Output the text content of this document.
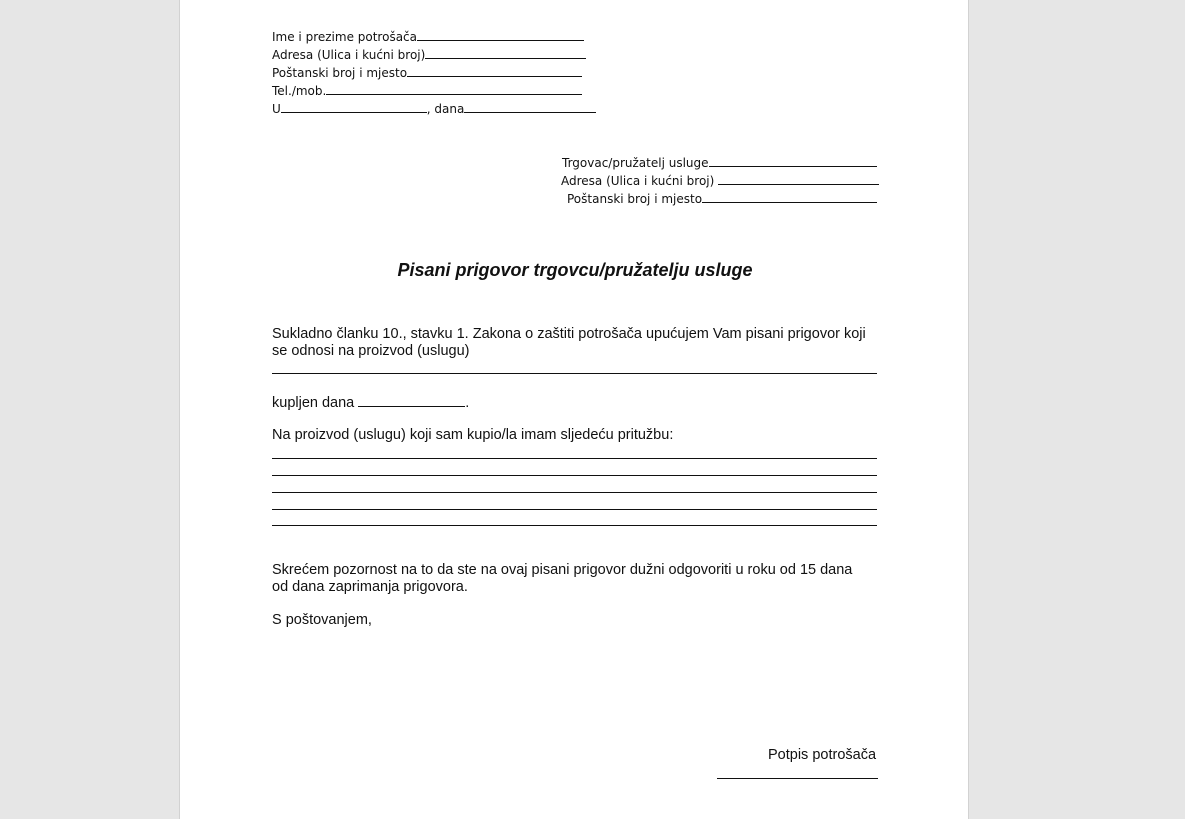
Ime i prezime potrošača
Adresa (Ulica i kućni broj)
Poštanski broj i mjesto
Tel./mob.
U	, dana
Trgovac/pružatelj usluge
Adresa (Ulica i kućni broj)
Poštanski broj i mjesto
Pisani prigovor trgovcu/pružatelju usluge
Sukladno članku 10., stavku 1. Zakona o zaštiti potrošača upućujem Vam pisani prigovor koji se odnosi na proizvod (uslugu)
kupljen dana	.
Na proizvod (uslugu) koji sam kupio/la imam sljedeću pritužbu:
Skrećem pozornost na to da ste na ovaj pisani prigovor dužni odgovoriti u roku od 15 dana od dana zaprimanja prigovora.
S poštovanjem,
Potpis potrošača
